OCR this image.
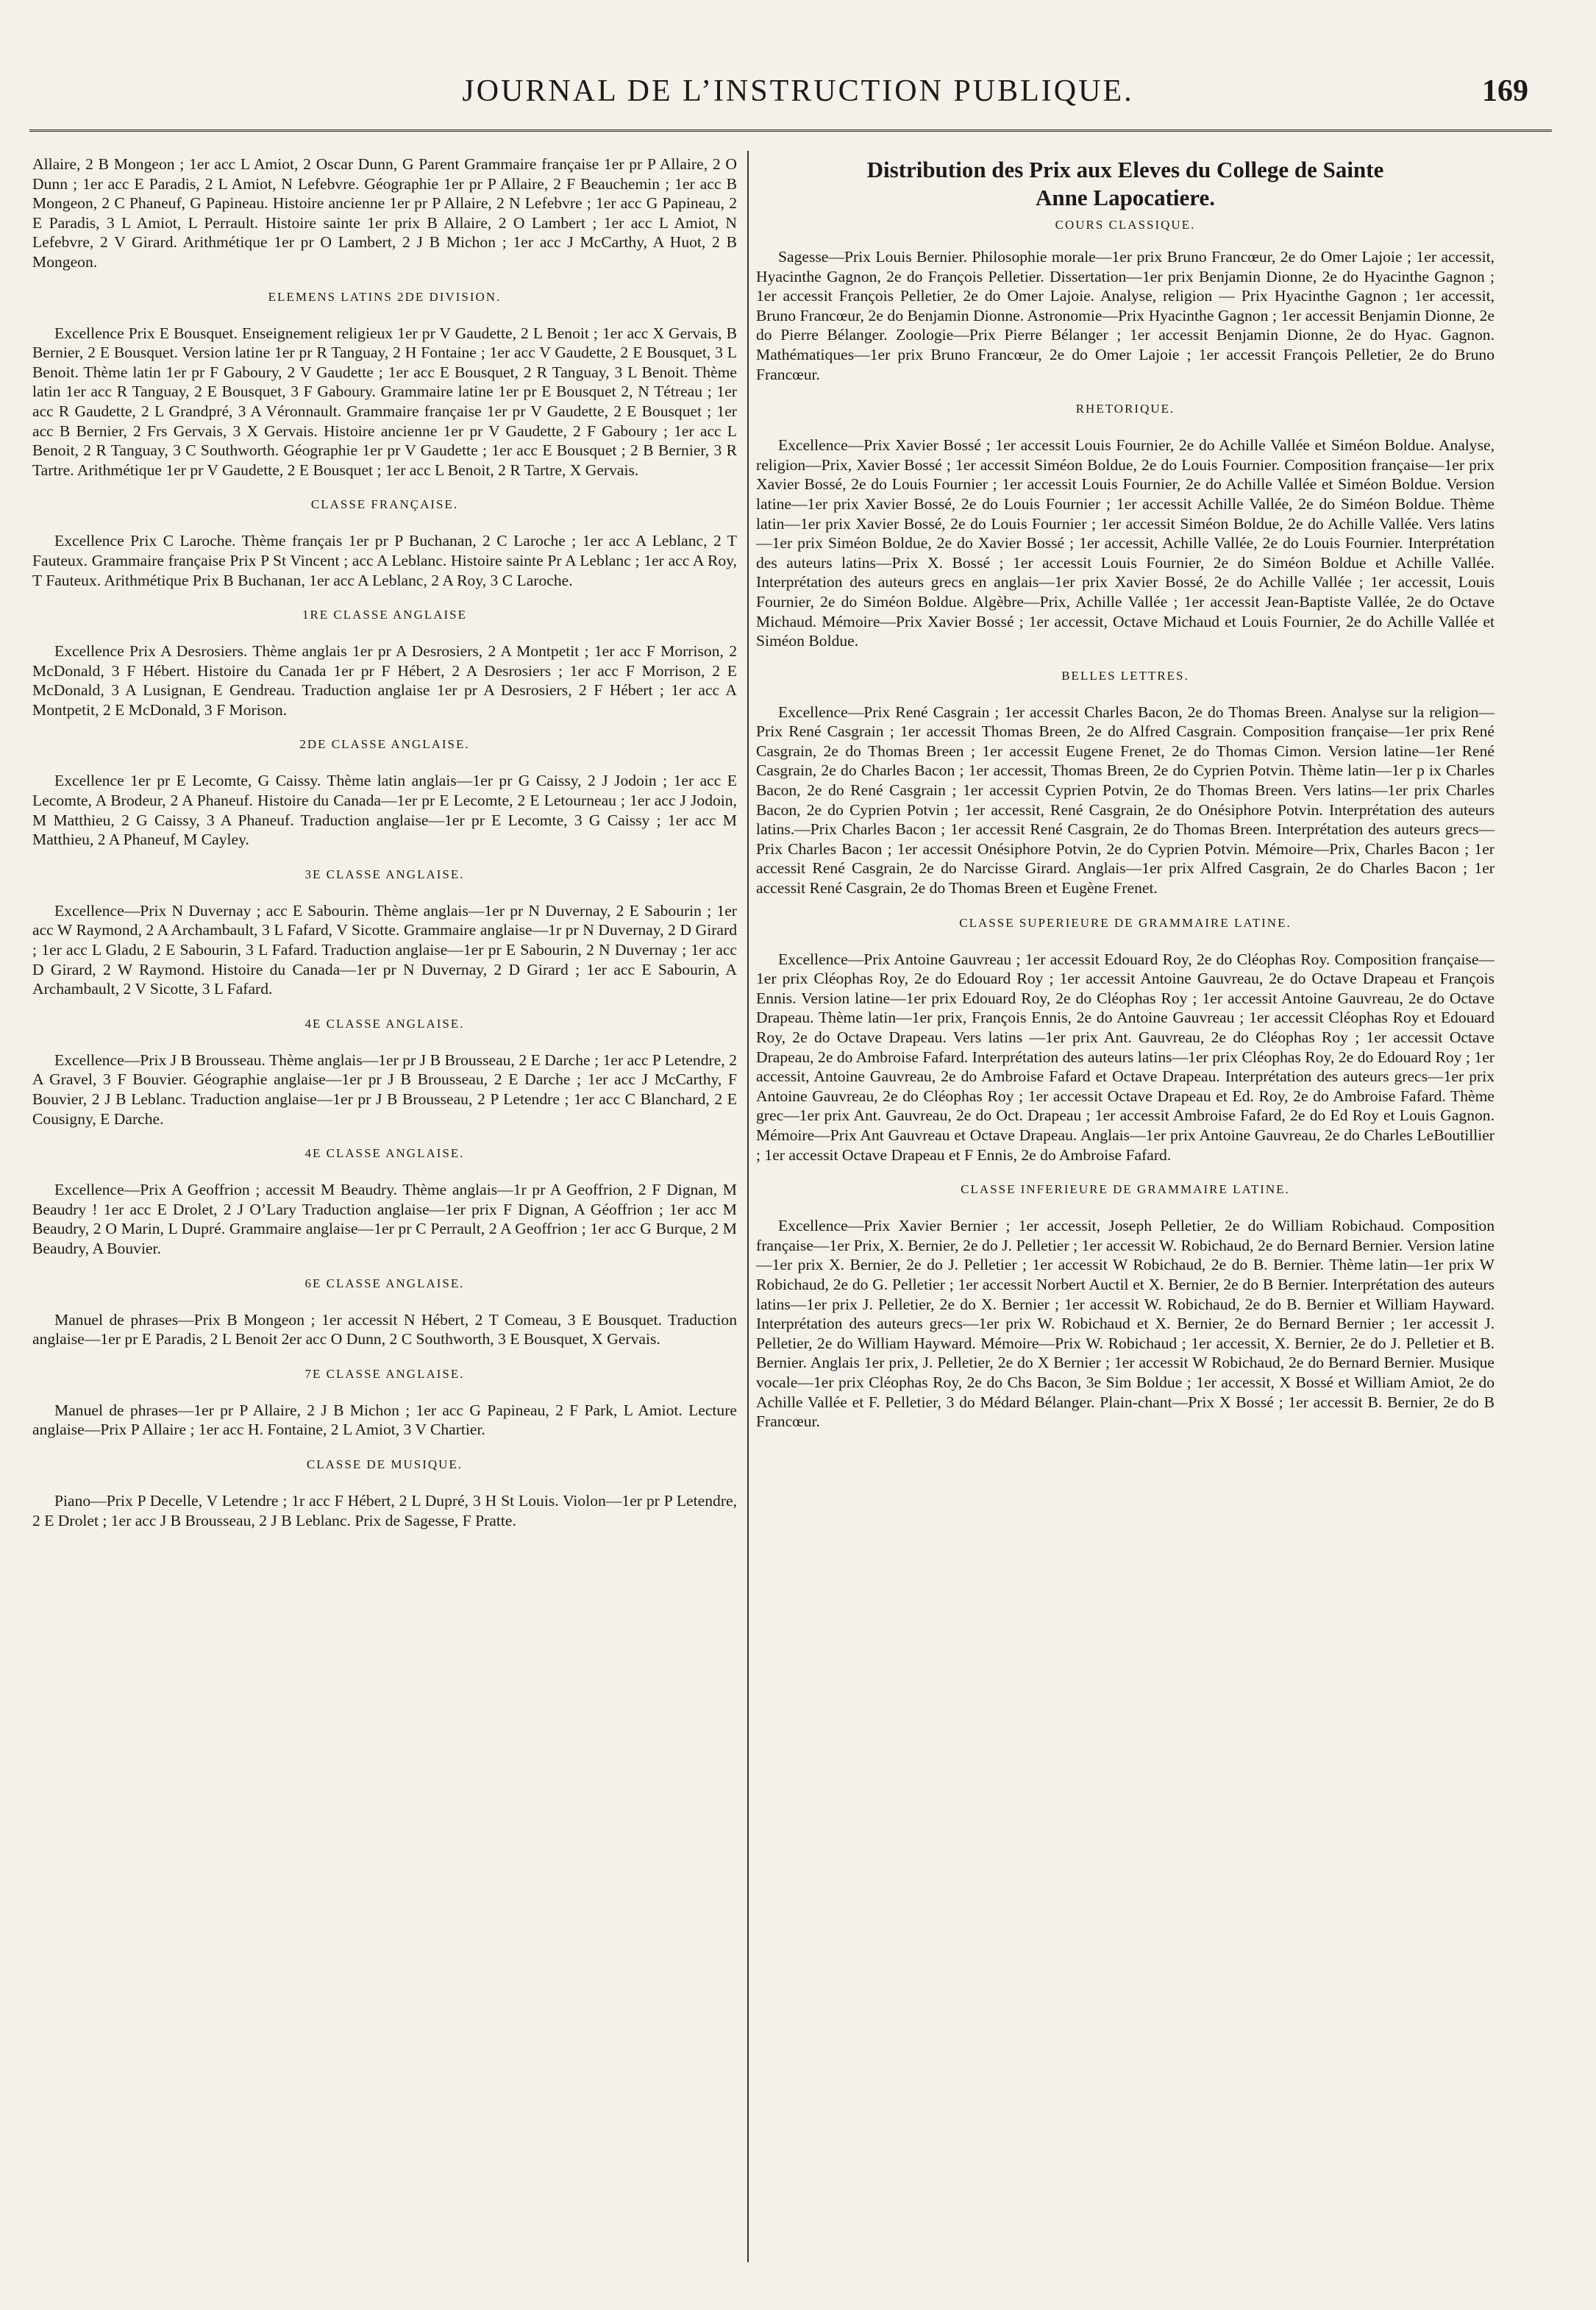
JOURNAL DE L’INSTRUCTION PUBLIQUE.	169

Allaire, 2 B Mongeon ; 1er acc L Amiot, 2 Oscar Dunn, G Parent Grammaire française 1er pr P Allaire, 2 O Dunn ; 1er acc E Paradis, 2 L Amiot, N Lefebvre. Géographie 1er pr P Allaire, 2 F Beauchemin ; 1er acc B Mongeon, 2 C Phaneuf, G Papineau. Histoire ancienne 1er pr P Allaire, 2 N Lefebvre ; 1er acc G Papineau, 2 E Paradis, 3 L Amiot, L Perrault. Histoire sainte 1er prix B Allaire, 2 O Lambert ; 1er acc L Amiot, N Lefebvre, 2 V Girard. Arithmétique 1er pr O Lambert, 2 J B Michon ; 1er acc J McCarthy, A Huot, 2 B Mongeon.

ELEMENS LATINS 2DE DIVISION.

Excellence Prix E Bousquet. Enseignement religieux 1er pr V Gaudette, 2 L Benoit ; 1er acc X Gervais, B Bernier, 2 E Bousquet. Version latine 1er pr R Tanguay, 2 H Fontaine ; 1er acc V Gaudette, 2 E Bousquet, 3 L Benoit. Thème latin 1er pr F Gaboury, 2 V Gaudette ; 1er acc E Bousquet, 2 R Tanguay, 3 L Benoit. Thème latin 1er acc R Tanguay, 2 E Bousquet, 3 F Gaboury. Grammaire latine 1er pr E Bousquet 2, N Tétreau ; 1er acc R Gaudette, 2 L Grandpré, 3 A Véronnault. Grammaire française 1er pr V Gaudette, 2 E Bousquet ; 1er acc B Bernier, 2 Frs Gervais, 3 X Gervais. Histoire ancienne 1er pr V Gaudette, 2 F Gaboury ; 1er acc L Benoit, 2 R Tanguay, 3 C Southworth. Géographie 1er pr V Gaudette ; 1er acc E Bousquet ; 2 B Bernier, 3 R Tartre. Arithmétique 1er pr V Gaudette, 2 E Bousquet ; 1er acc L Benoit, 2 R Tartre, X Gervais.

CLASSE FRANÇAISE.

Excellence Prix C Laroche. Thème français 1er pr P Buchanan, 2 C Laroche ; 1er acc A Leblanc, 2 T Fauteux. Grammaire française Prix P St Vincent ; acc A Leblanc. Histoire sainte Pr A Leblanc ; 1er acc A Roy, T Fauteux. Arithmétique Prix B Buchanan, 1er acc A Leblanc, 2 A Roy, 3 C Laroche.

1RE CLASSE ANGLAISE

Excellence Prix A Desrosiers. Thème anglais 1er pr A Desrosiers, 2 A Montpetit ; 1er acc F Morrison, 2 McDonald, 3 F Hébert. Histoire du Canada 1er pr F Hébert, 2 A Desrosiers ; 1er acc F Morrison, 2 E McDonald, 3 A Lusignan, E Gendreau. Traduction anglaise 1er pr A Desrosiers, 2 F Hébert ; 1er acc A Montpetit, 2 E McDonald, 3 F Morison.

2DE CLASSE ANGLAISE.

Excellence 1er pr E Lecomte, G Caissy. Thème latin anglais—1er pr G Caissy, 2 J Jodoin ; 1er acc E Lecomte, A Brodeur, 2 A Phaneuf. Histoire du Canada—1er pr E Lecomte, 2 E Letourneau ; 1er acc J Jodoin, M Matthieu, 2 G Caissy, 3 A Phaneuf. Traduction anglaise—1er pr E Lecomte, 3 G Caissy ; 1er acc M Matthieu, 2 A Phaneuf, M Cayley.

3E CLASSE ANGLAISE.

Excellence—Prix N Duvernay ; acc E Sabourin. Thème anglais—1er pr N Duvernay, 2 E Sabourin ; 1er acc W Raymond, 2 A Archambault, 3 L Fafard, V Sicotte. Grammaire anglaise—1r pr N Duvernay, 2 D Girard ; 1er acc L Gladu, 2 E Sabourin, 3 L Fafard. Traduction anglaise—1er pr E Sabourin, 2 N Duvernay ; 1er acc D Girard, 2 W Raymond. Histoire du Canada—1er pr N Duvernay, 2 D Girard ; 1er acc E Sabourin, A Archambault, 2 V Sicotte, 3 L Fafard.

4E CLASSE ANGLAISE.

Excellence—Prix J B Brousseau. Thème anglais—1er pr J B Brousseau, 2 E Darche ; 1er acc P Letendre, 2 A Gravel, 3 F Bouvier. Géographie anglaise—1er pr J B Brousseau, 2 E Darche ; 1er acc J McCarthy, F Bouvier, 2 J B Leblanc. Traduction anglaise—1er pr J B Brousseau, 2 P Letendre ; 1er acc C Blanchard, 2 E Cousigny, E Darche.

4E CLASSE ANGLAISE.

Excellence—Prix A Geoffrion ; accessit M Beaudry. Thème anglais—1r pr A Geoffrion, 2 F Dignan, M Beaudry ! 1er acc E Drolet, 2 J O’Lary Traduction anglaise—1er prix F Dignan, A Géoffrion ; 1er acc M Beaudry, 2 O Marin, L Dupré. Grammaire anglaise—1er pr C Perrault, 2 A Geoffrion ; 1er acc G Burque, 2 M Beaudry, A Bouvier.

6E CLASSE ANGLAISE.

Manuel de phrases—Prix B Mongeon ; 1er accessit N Hébert, 2 T Comeau, 3 E Bousquet. Traduction anglaise—1er pr E Paradis, 2 L Benoit 2er acc O Dunn, 2 C Southworth, 3 E Bousquet, X Gervais.

7E CLASSE ANGLAISE.

Manuel de phrases—1er pr P Allaire, 2 J B Michon ; 1er acc G Papineau, 2 F Park, L Amiot. Lecture anglaise—Prix P Allaire ; 1er acc H. Fontaine, 2 L Amiot, 3 V Chartier.

CLASSE DE MUSIQUE.

Piano—Prix P Decelle, V Letendre ; 1r acc F Hébert, 2 L Dupré, 3 H St Louis. Violon—1er pr P Letendre, 2 E Drolet ; 1er acc J B Brousseau, 2 J B Leblanc. Prix de Sagesse, F Pratte.

Distribution des Prix aux Eleves du College de Sainte
Anne Lapocatiere.
COURS CLASSIQUE.

Sagesse—Prix Louis Bernier. Philosophie morale—1er prix Bruno Francœur, 2e do Omer Lajoie ; 1er accessit, Hyacinthe Gagnon, 2e do François Pelletier. Dissertation—1er prix Benjamin Dionne, 2e do Hyacinthe Gagnon ; 1er accessit François Pelletier, 2e do Omer Lajoie. Analyse, religion — Prix Hyacinthe Gagnon ; 1er accessit, Bruno Francœur, 2e do Benjamin Dionne. Astronomie—Prix Hyacinthe Gagnon ; 1er accessit Benjamin Dionne, 2e do Pierre Bélanger. Zoologie—Prix Pierre Bélanger ; 1er accessit Benjamin Dionne, 2e do Hyac. Gagnon. Mathématiques—1er prix Bruno Francœur, 2e do Omer Lajoie ; 1er accessit François Pelletier, 2e do Bruno Francœur.

RHETORIQUE.

Excellence—Prix Xavier Bossé ; 1er accessit Louis Fournier, 2e do Achille Vallée et Siméon Boldue. Analyse, religion—Prix, Xavier Bossé ; 1er accessit Siméon Boldue, 2e do Louis Fournier. Composition française—1er prix Xavier Bossé, 2e do Louis Fournier ; 1er accessit Louis Fournier, 2e do Achille Vallée et Siméon Boldue. Version latine—1er prix Xavier Bossé, 2e do Louis Fournier ; 1er accessit Achille Vallée, 2e do Siméon Boldue. Thème latin—1er prix Xavier Bossé, 2e do Louis Fournier ; 1er accessit Siméon Boldue, 2e do Achille Vallée. Vers latins —1er prix Siméon Boldue, 2e do Xavier Bossé ; 1er accessit, Achille Vallée, 2e do Louis Fournier. Interprétation des auteurs latins—Prix X. Bossé ; 1er accessit Louis Fournier, 2e do Siméon Boldue et Achille Vallée. Interprétation des auteurs grecs en anglais—1er prix Xavier Bossé, 2e do Achille Vallée ; 1er accessit, Louis Fournier, 2e do Siméon Boldue. Algèbre—Prix, Achille Vallée ; 1er accessit Jean-Baptiste Vallée, 2e do Octave Michaud. Mémoire—Prix Xavier Bossé ; 1er accessit, Octave Michaud et Louis Fournier, 2e do Achille Vallée et Siméon Boldue.

BELLES LETTRES.

Excellence—Prix René Casgrain ; 1er accessit Charles Bacon, 2e do Thomas Breen. Analyse sur la religion—Prix René Casgrain ; 1er accessit Thomas Breen, 2e do Alfred Casgrain. Composition française—1er prix René Casgrain, 2e do Thomas Breen ; 1er accessit Eugene Frenet, 2e do Thomas Cimon. Version latine—1er René Casgrain, 2e do Charles Bacon ; 1er accessit, Thomas Breen, 2e do Cyprien Potvin. Thème latin—1er p ix Charles Bacon, 2e do René Casgrain ; 1er accessit Cyprien Potvin, 2e do Thomas Breen. Vers latins—1er prix Charles Bacon, 2e do Cyprien Potvin ; 1er accessit, René Casgrain, 2e do Onésiphore Potvin. Interprétation des auteurs latins.—Prix Charles Bacon ; 1er accessit René Casgrain, 2e do Thomas Breen. Interprétation des auteurs grecs—Prix Charles Bacon ; 1er accessit Onésiphore Potvin, 2e do Cyprien Potvin. Mémoire—Prix, Charles Bacon ; 1er accessit René Casgrain, 2e do Narcisse Girard. Anglais—1er prix Alfred Casgrain, 2e do Charles Bacon ; 1er accessit René Casgrain, 2e do Thomas Breen et Eugène Frenet.

CLASSE SUPERIEURE DE GRAMMAIRE LATINE.

Excellence—Prix Antoine Gauvreau ; 1er accessit Edouard Roy, 2e do Cléophas Roy. Composition française—1er prix Cléophas Roy, 2e do Edouard Roy ; 1er accessit Antoine Gauvreau, 2e do Octave Drapeau et François Ennis. Version latine—1er prix Edouard Roy, 2e do Cléophas Roy ; 1er accessit Antoine Gauvreau, 2e do Octave Drapeau. Thème latin—1er prix, François Ennis, 2e do Antoine Gauvreau ; 1er accessit Cléophas Roy et Edouard Roy, 2e do Octave Drapeau. Vers latins —1er prix Ant. Gauvreau, 2e do Cléophas Roy ; 1er accessit Octave Drapeau, 2e do Ambroise Fafard. Interprétation des auteurs latins—1er prix Cléophas Roy, 2e do Edouard Roy ; 1er accessit, Antoine Gauvreau, 2e do Ambroise Fafard et Octave Drapeau. Interprétation des auteurs grecs—1er prix Antoine Gauvreau, 2e do Cléophas Roy ; 1er accessit Octave Drapeau et Ed. Roy, 2e do Ambroise Fafard. Thème grec—1er prix Ant. Gauvreau, 2e do Oct. Drapeau ; 1er accessit Ambroise Fafard, 2e do Ed Roy et Louis Gagnon. Mémoire—Prix Ant Gauvreau et Octave Drapeau. Anglais—1er prix Antoine Gauvreau, 2e do Charles LeBoutillier ; 1er accessit Octave Drapeau et F Ennis, 2e do Ambroise Fafard.

CLASSE INFERIEURE DE GRAMMAIRE LATINE.

Excellence—Prix Xavier Bernier ; 1er accessit, Joseph Pelletier, 2e do William Robichaud. Composition française—1er Prix, X. Bernier, 2e do J. Pelletier ; 1er accessit W. Robichaud, 2e do Bernard Bernier. Version latine—1er prix X. Bernier, 2e do J. Pelletier ; 1er accessit W Robichaud, 2e do B. Bernier. Thème latin—1er prix W Robichaud, 2e do G. Pelletier ; 1er accessit Norbert Auctil et X. Bernier, 2e do B Bernier. Interprétation des auteurs latins—1er prix J. Pelletier, 2e do X. Bernier ; 1er accessit W. Robichaud, 2e do B. Bernier et William Hayward. Interprétation des auteurs grecs—1er prix W. Robichaud et X. Bernier, 2e do Bernard Bernier ; 1er accessit J. Pelletier, 2e do William Hayward. Mémoire—Prix W. Robichaud ; 1er accessit, X. Bernier, 2e do J. Pelletier et B. Bernier. Anglais 1er prix, J. Pelletier, 2e do X Bernier ; 1er accessit W Robichaud, 2e do Bernard Bernier. Musique vocale—1er prix Cléophas Roy, 2e do Chs Bacon, 3e Sim Boldue ; 1er accessit, X Bossé et William Amiot, 2e do Achille Vallée et F. Pelletier, 3 do Médard Bélanger. Plain-chant—Prix X Bossé ; 1er accessit B. Bernier, 2e do B Francœur.
